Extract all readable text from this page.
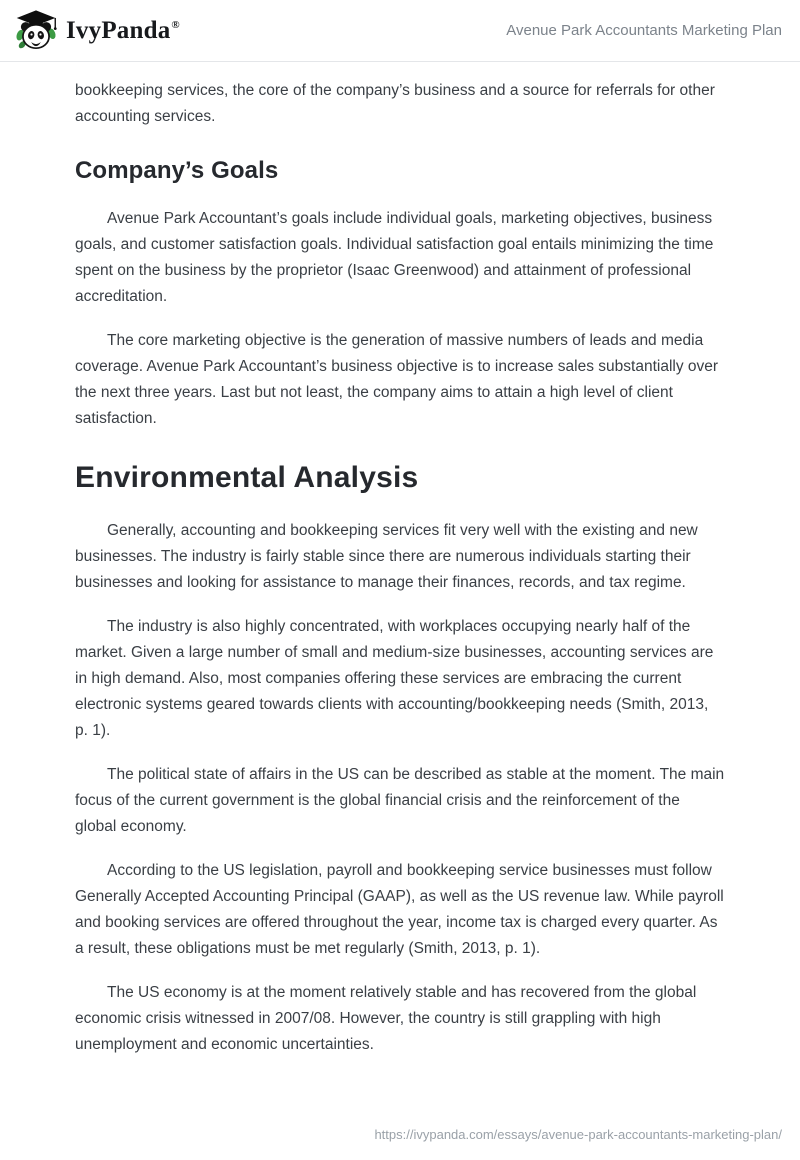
IvyPanda®	Avenue Park Accountants Marketing Plan

bookkeeping services, the core of the company’s business and a source for referrals for other accounting services.

Company’s Goals

Avenue Park Accountant’s goals include individual goals, marketing objectives, business goals, and customer satisfaction goals. Individual satisfaction goal entails minimizing the time spent on the business by the proprietor (Isaac Greenwood) and attainment of professional accreditation.

The core marketing objective is the generation of massive numbers of leads and media coverage. Avenue Park Accountant’s business objective is to increase sales substantially over the next three years. Last but not least, the company aims to attain a high level of client satisfaction.

Environmental Analysis

Generally, accounting and bookkeeping services fit very well with the existing and new businesses. The industry is fairly stable since there are numerous individuals starting their businesses and looking for assistance to manage their finances, records, and tax regime.

The industry is also highly concentrated, with workplaces occupying nearly half of the market. Given a large number of small and medium-size businesses, accounting services are in high demand. Also, most companies offering these services are embracing the current electronic systems geared towards clients with accounting/bookkeeping needs (Smith, 2013, p. 1).

The political state of affairs in the US can be described as stable at the moment. The main focus of the current government is the global financial crisis and the reinforcement of the global economy.

According to the US legislation, payroll and bookkeeping service businesses must follow Generally Accepted Accounting Principal (GAAP), as well as the US revenue law. While payroll and booking services are offered throughout the year, income tax is charged every quarter. As a result, these obligations must be met regularly (Smith, 2013, p. 1).

The US economy is at the moment relatively stable and has recovered from the global economic crisis witnessed in 2007/08. However, the country is still grappling with high unemployment and economic uncertainties.

https://ivypanda.com/essays/avenue-park-accountants-marketing-plan/
